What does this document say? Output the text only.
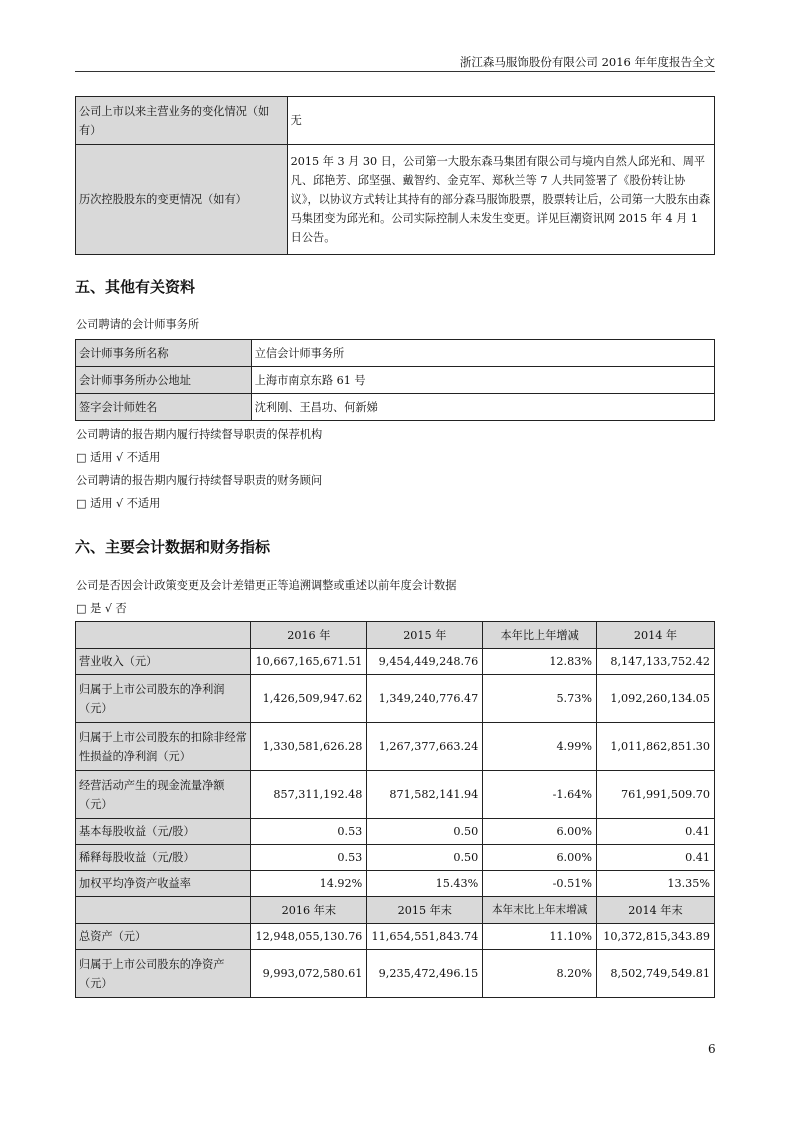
浙江森马服饰股份有限公司 2016 年年度报告全文
公司上市以来主营业务的变化情况（如有）	无
历次控股股东的变更情况（如有）	2015 年 3 月 30 日，公司第一大股东森马集团有限公司与境内自然人邱光和、周平凡、邱艳芳、邱坚强、戴智约、金克军、郑秋兰等 7 人共同签署了《股份转让协议》，以协议方式转让其持有的部分森马服饰股票，股票转让后，公司第一大股东由森马集团变为邱光和。公司实际控制人未发生变更。详见巨潮资讯网 2015 年 4 月 1 日公告。
五、其他有关资料
公司聘请的会计师事务所
会计师事务所名称	立信会计师事务所
会计师事务所办公地址	上海市南京东路 61 号
签字会计师姓名	沈利刚、王昌功、何新娣
公司聘请的报告期内履行持续督导职责的保荐机构
□ 适用 √ 不适用
公司聘请的报告期内履行持续督导职责的财务顾问
□ 适用 √ 不适用
六、主要会计数据和财务指标
公司是否因会计政策变更及会计差错更正等追溯调整或重述以前年度会计数据
□ 是 √ 否
	2016 年	2015 年	本年比上年增减	2014 年
营业收入（元）	10,667,165,671.51	9,454,449,248.76	12.83%	8,147,133,752.42
归属于上市公司股东的净利润（元）	1,426,509,947.62	1,349,240,776.47	5.73%	1,092,260,134.05
归属于上市公司股东的扣除非经常性损益的净利润（元）	1,330,581,626.28	1,267,377,663.24	4.99%	1,011,862,851.30
经营活动产生的现金流量净额（元）	857,311,192.48	871,582,141.94	-1.64%	761,991,509.70
基本每股收益（元/股）	0.53	0.50	6.00%	0.41
稀释每股收益（元/股）	0.53	0.50	6.00%	0.41
加权平均净资产收益率	14.92%	15.43%	-0.51%	13.35%
	2016 年末	2015 年末	本年末比上年末增减	2014 年末
总资产（元）	12,948,055,130.76	11,654,551,843.74	11.10%	10,372,815,343.89
归属于上市公司股东的净资产（元）	9,993,072,580.61	9,235,472,496.15	8.20%	8,502,749,549.81
6
